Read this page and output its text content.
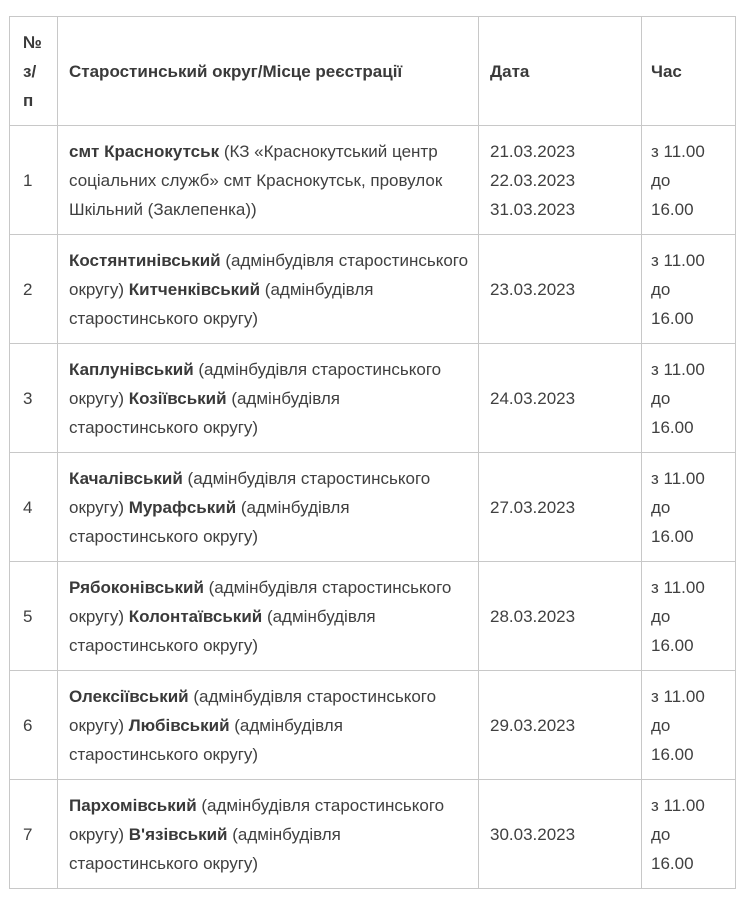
№
з/
п	Старостинський округ/Місце реєстрації	Дата	Час
1	смт Краснокутськ (КЗ «Краснокутський центр соціальних служб» смт Краснокутськ, провулок Шкільний (Заклепенка))	21.03.2023
22.03.2023
31.03.2023	з 11.00
до
16.00

2	Костянтинівський (адмінбудівля старостинського округу) Китченківський (адмінбудівля старостинського округу)	23.03.2023	з 11.00
до
16.00

3	Каплунівський (адмінбудівля старостинського округу) Козіївський (адмінбудівля старостинського округу)	24.03.2023	з 11.00
до
16.00

4	Качалівський (адмінбудівля старостинського округу) Мурафський (адмінбудівля старостинського округу)	27.03.2023	з 11.00
до
16.00

5	Рябоконівський (адмінбудівля старостинського округу) Колонтаївський (адмінбудівля старостинського округу)	28.03.2023	з 11.00
до
16.00

6	Олексіївський (адмінбудівля старостинського округу) Любівський (адмінбудівля старостинського округу)	29.03.2023	з 11.00
до
16.00

7	Пархомівський (адмінбудівля старостинського округу) В'язівський (адмінбудівля старостинського округу)	30.03.2023	з 11.00
до
16.00
